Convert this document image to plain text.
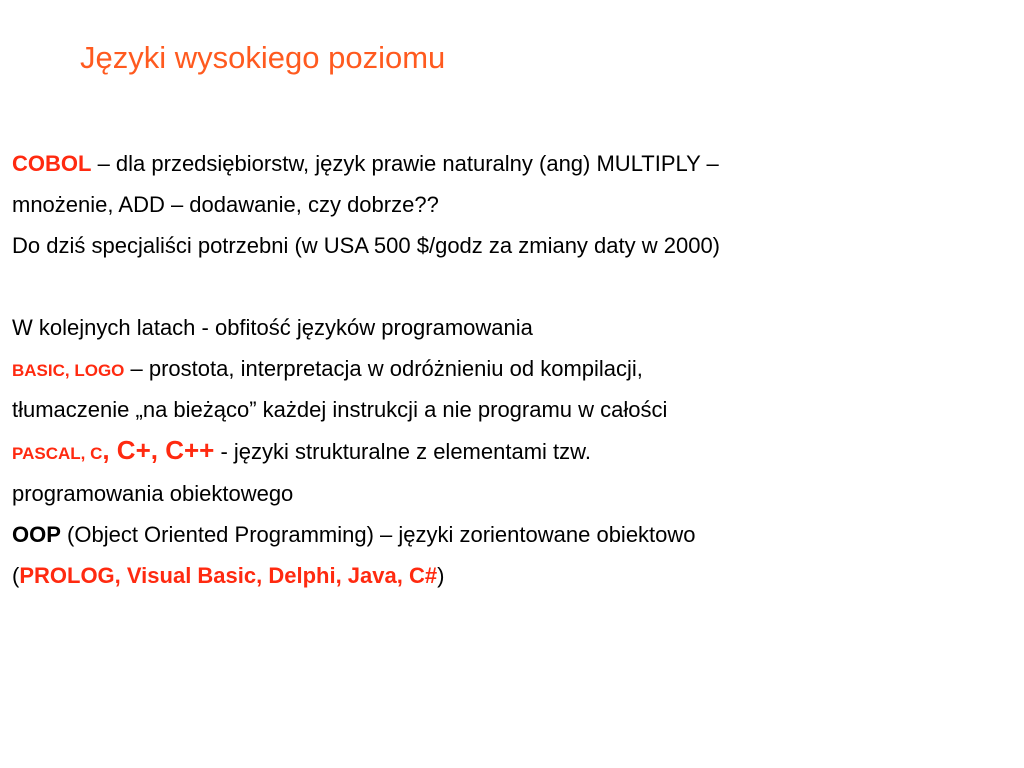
Języki wysokiego poziomu
COBOL – dla przedsiębiorstw, język prawie naturalny (ang) MULTIPLY –
mnożenie, ADD – dodawanie, czy dobrze??
Do dziś specjaliści potrzebni (w USA 500 $/godz za zmiany daty w 2000)
W kolejnych latach - obfitość języków programowania
BASIC, LOGO – prostota, interpretacja w odróżnieniu od kompilacji,
tłumaczenie „na bieżąco” każdej instrukcji a nie programu w całości
PASCAL, C, C+, C++ - języki strukturalne z elementami tzw.
programowania obiektowego
OOP (Object Oriented Programming) – języki zorientowane obiektowo
(PROLOG, Visual Basic, Delphi, Java, C#)
